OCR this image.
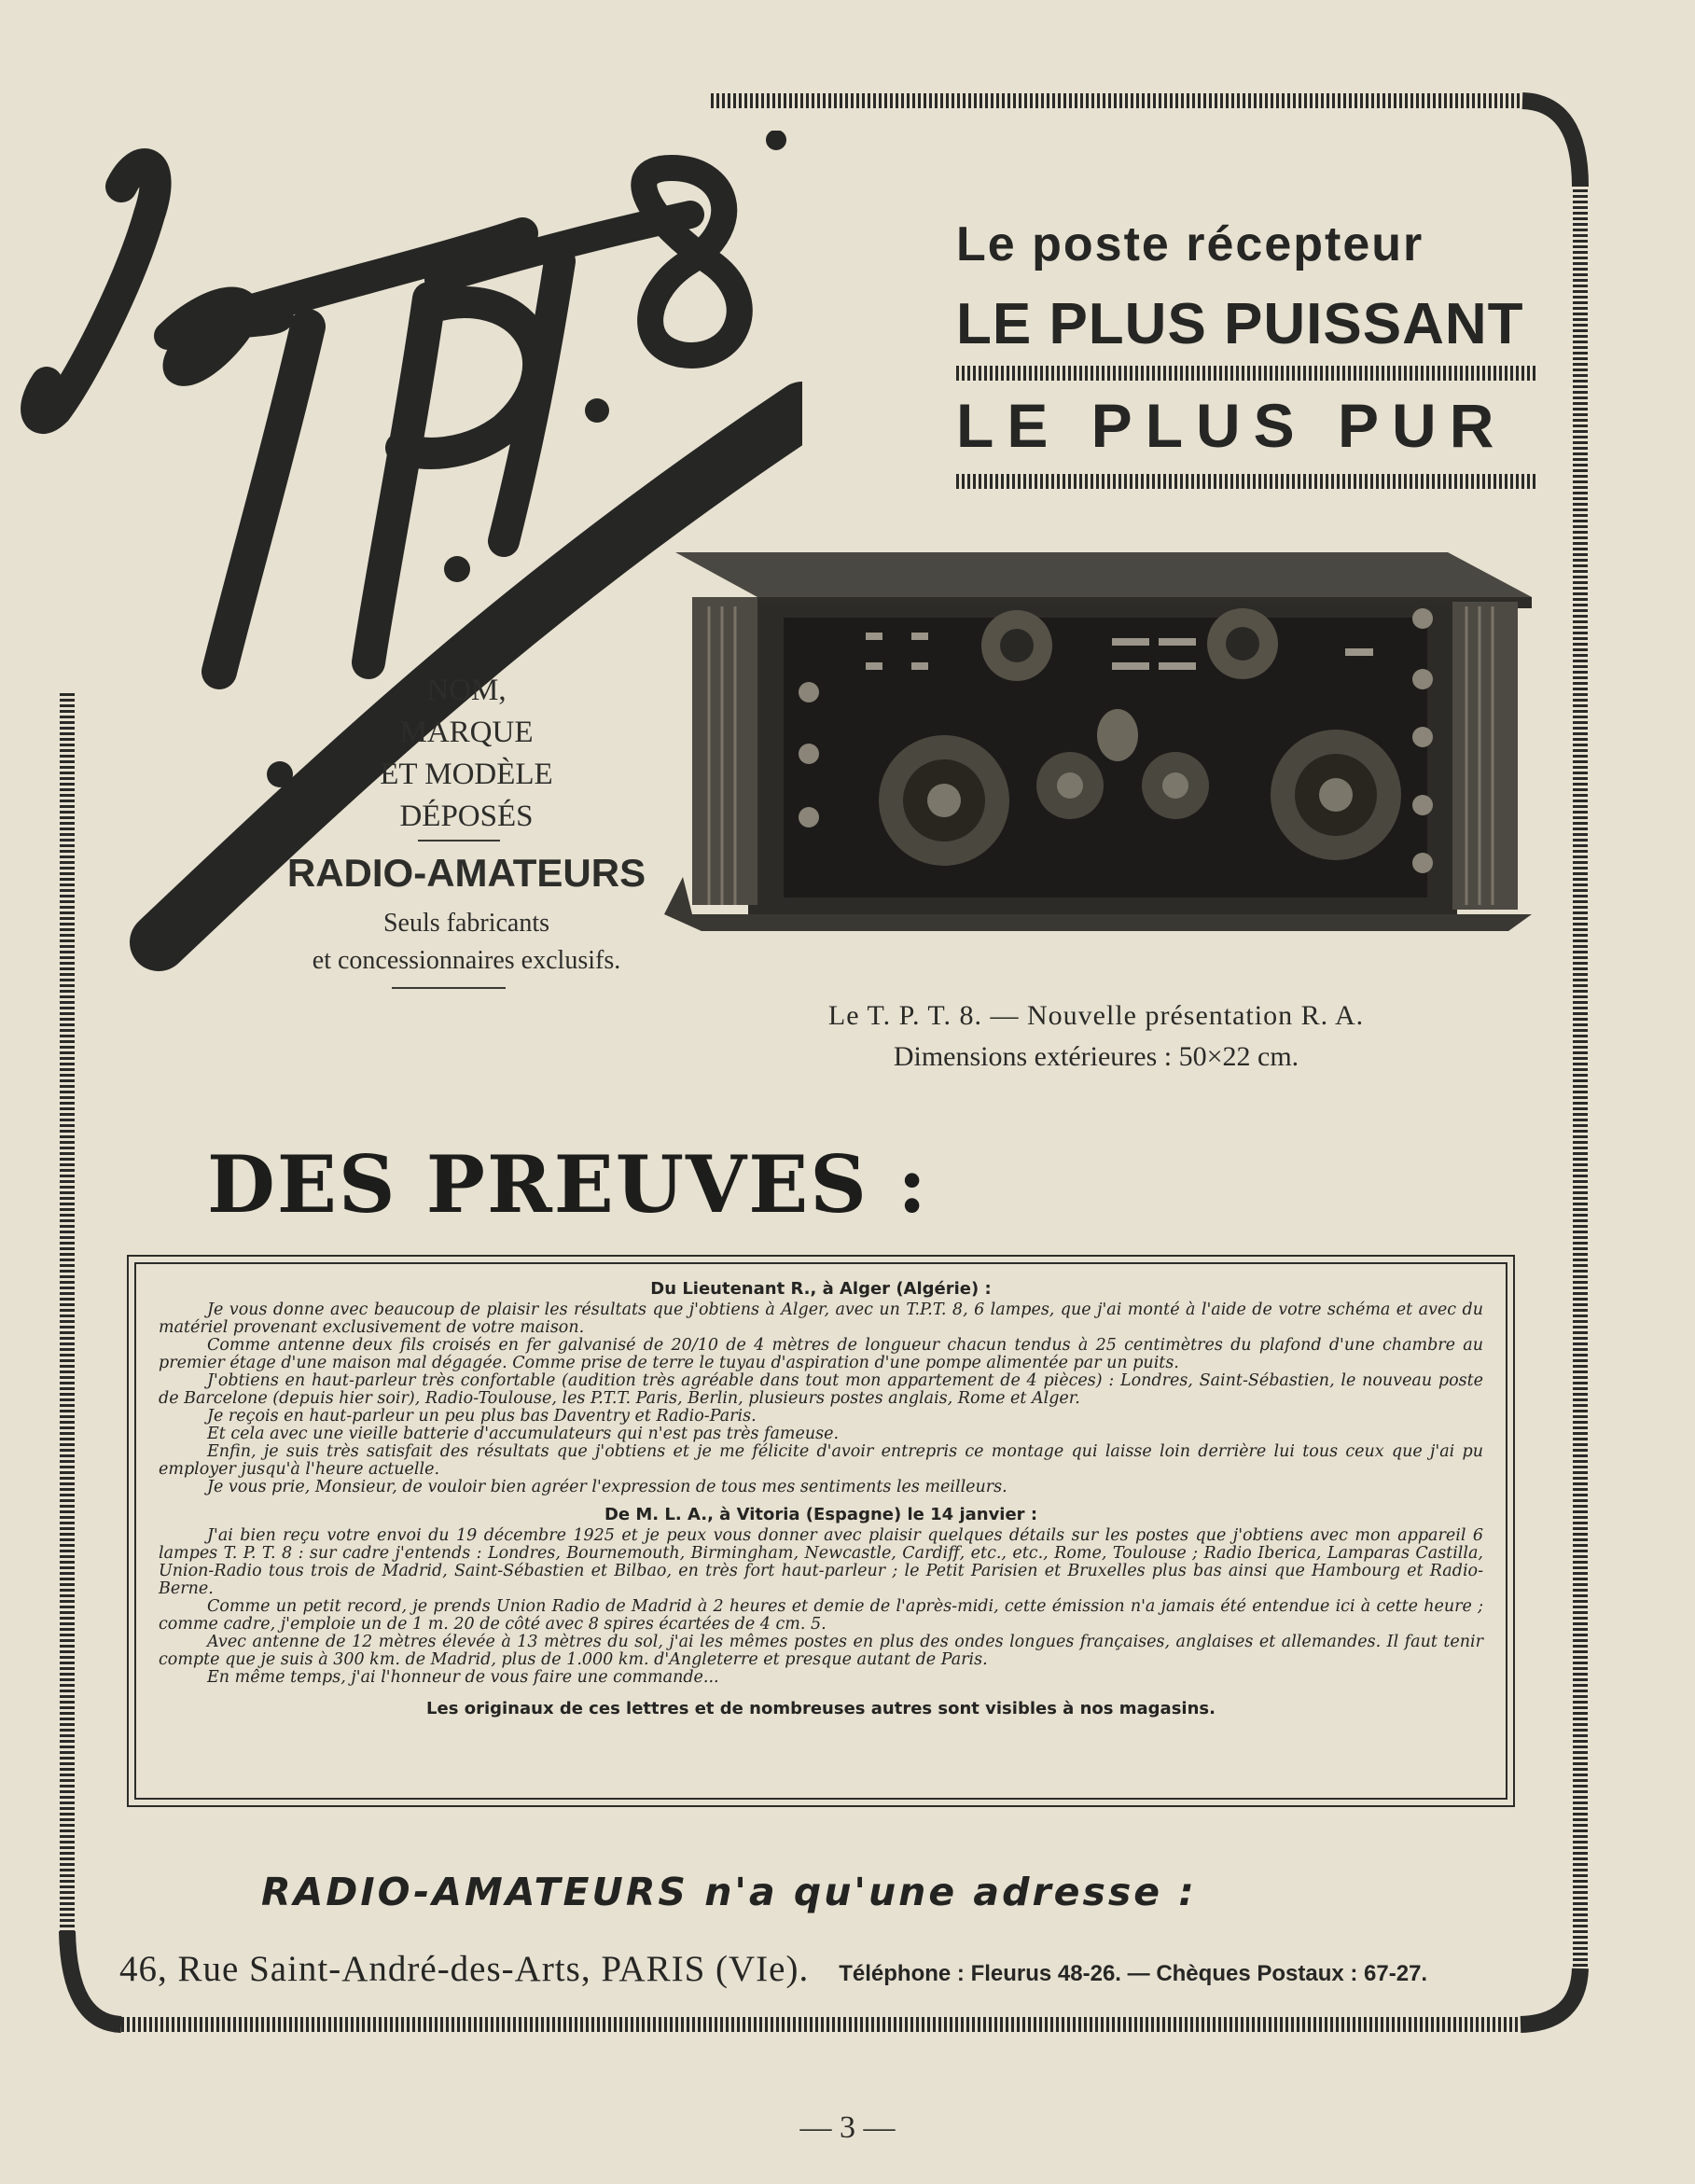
Le poste récepteur
LE PLUS PUISSANT
LE PLUS PUR
NOM,
MARQUE
ET MODÈLE
DÉPOSÉS
RADIO-AMATEURS
Seuls fabricants
et concessionnaires exclusifs.
Le T. P. T. 8. — Nouvelle présentation R. A.
Dimensions extérieures : 50×22 cm.
DES PREUVES :

Du Lieutenant R., à Alger (Algérie) :

Je vous donne avec beaucoup de plaisir les résultats que j'obtiens à Alger, avec un T.P.T. 8, 6 lampes, que j'ai monté à l'aide de votre schéma et avec du matériel provenant exclusivement de votre maison.

Comme antenne deux fils croisés en fer galvanisé de 20/10 de 4 mètres de longueur chacun tendus à 25 centimètres du plafond d'une chambre au premier étage d'une maison mal dégagée. Comme prise de terre le tuyau d'aspiration d'une pompe alimentée par un puits.

J'obtiens en haut-parleur très confortable (audition très agréable dans tout mon appartement de 4 pièces) : Londres, Saint-Sébastien, le nouveau poste de Barcelone (depuis hier soir), Radio-Toulouse, les P.T.T. Paris, Berlin, plusieurs postes anglais, Rome et Alger.

Je reçois en haut-parleur un peu plus bas Daventry et Radio-Paris.

Et cela avec une vieille batterie d'accumulateurs qui n'est pas très fameuse.

Enfin, je suis très satisfait des résultats que j'obtiens et je me félicite d'avoir entrepris ce montage qui laisse loin derrière lui tous ceux que j'ai pu employer jusqu'à l'heure actuelle.

Je vous prie, Monsieur, de vouloir bien agréer l'expression de tous mes sentiments les meilleurs.

De M. L. A., à Vitoria (Espagne) le 14 janvier :

J'ai bien reçu votre envoi du 19 décembre 1925 et je peux vous donner avec plaisir quelques détails sur les postes que j'obtiens avec mon appareil 6 lampes T. P. T. 8 : sur cadre j'entends : Londres, Bournemouth, Birmingham, Newcastle, Cardiff, etc., etc., Rome, Toulouse ; Radio Iberica, Lamparas Castilla, Union-Radio tous trois de Madrid, Saint-Sébastien et Bilbao, en très fort haut-parleur ; le Petit Parisien et Bruxelles plus bas ainsi que Hambourg et Radio-Berne.

Comme un petit record, je prends Union Radio de Madrid à 2 heures et demie de l'après-midi, cette émission n'a jamais été entendue ici à cette heure ; comme cadre, j'emploie un de 1 m. 20 de côté avec 8 spires écartées de 4 cm. 5.

Avec antenne de 12 mètres élevée à 13 mètres du sol, j'ai les mêmes postes en plus des ondes longues françaises, anglaises et allemandes. Il faut tenir compte que je suis à 300 km. de Madrid, plus de 1.000 km. d'Angleterre et presque autant de Paris.

En même temps, j'ai l'honneur de vous faire une commande...

Les originaux de ces lettres et de nombreuses autres sont visibles à nos magasins.

RADIO-AMATEURS n'a qu'une adresse :
46, Rue Saint-André-des-Arts, PARIS (VIe). Téléphone : Fleurus 48-26. — Chèques Postaux : 67-27.
— 3 —
